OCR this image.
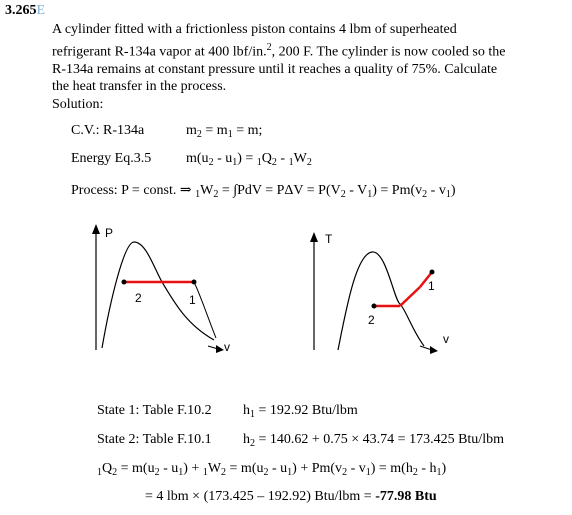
3.265E
A cylinder fitted with a frictionless piston contains 4 lbm of superheated
refrigerant R-134a vapor at 400 lbf/in.$^2$, 200 F. The cylinder is now cooled so the
R-134a remains at constant pressure until it reaches a quality of 75%. Calculate
the heat transfer in the process.
Solution:
C.V.: R-134a	$m_2 = m_1 = m$;
Energy Eq.3.5 $m(u_2 - u_1) = _1Q_2 - _1W_2$
Process: P = const. ⇒ $_1W_2 = \int PdV = P\Delta V = P(V_2 - V_1) = Pm(v_2 - v_1)$
P
2	1
v
T
2
1
v
State 1: Table F.10.2 $h_1 = 192.92$ Btu/lbm
State 2: Table F.10.1 $h_2 = 140.62 + 0.75 \times 43.74 = 173.425$ Btu/lbm
$_1Q_2 = m(u_2 - u_1) + _1W_2 = m(u_2 - u_1) + Pm(v_2 - v_1) = m(h_2 - h_1)$
= 4 lbm × (173.425 – 192.92) Btu/lbm = -77.98 Btu
